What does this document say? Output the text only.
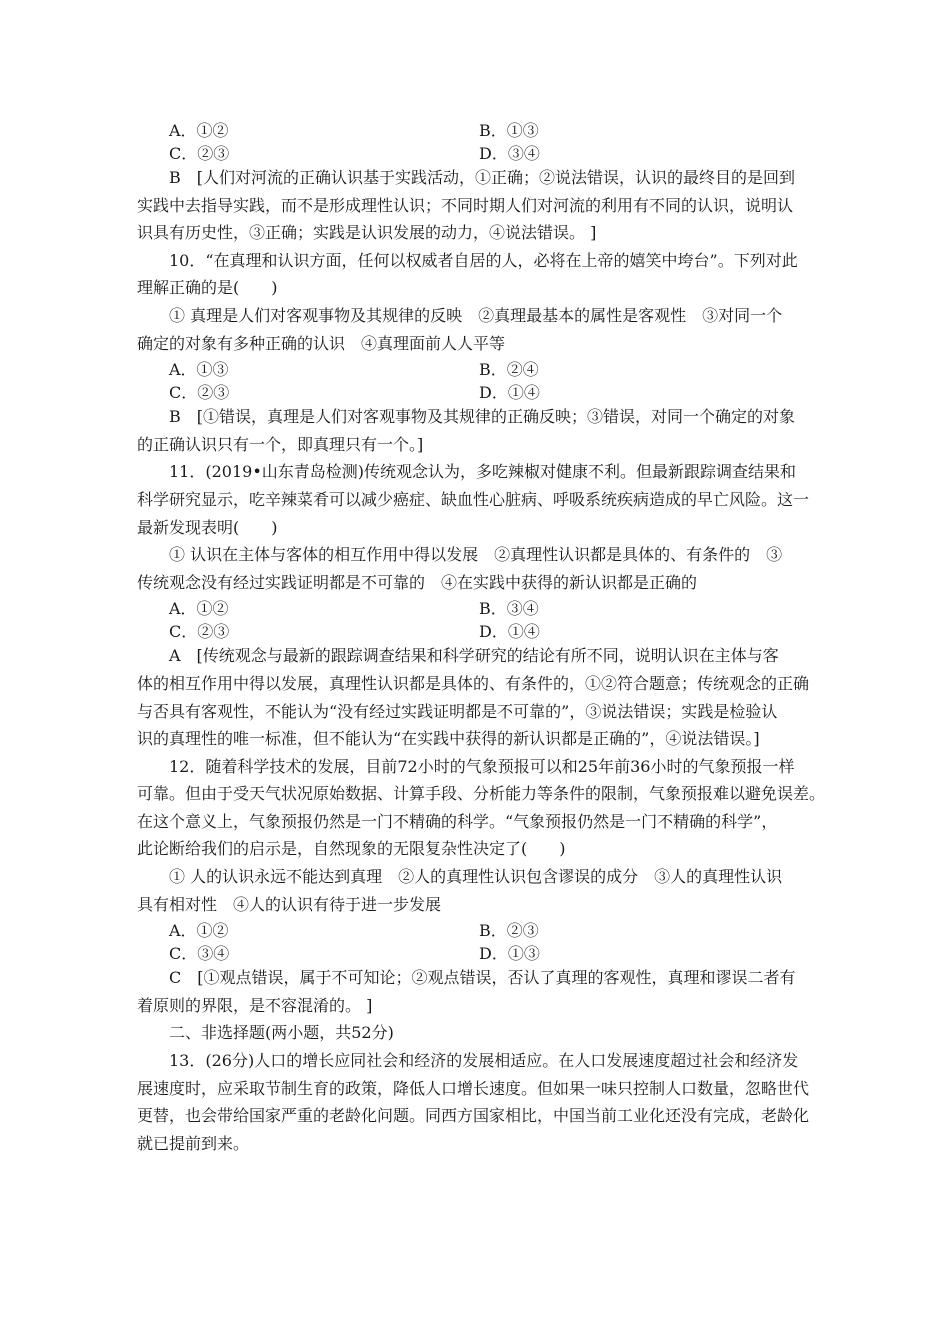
A．①②	B．①③
C．②③	D．③④
B　[人们对河流的正确认识基于实践活动，①正确；②说法错误，认识的最终目的是回到
实践中去指导实践，而不是形成理性认识；不同时期人们对河流的利用有不同的认识，说明认
识具有历史性，③正确；实践是认识发展的动力，④说法错误。 ]
10．“在真理和认识方面，任何以权威者自居的人，必将在上帝的嬉笑中垮台”。下列对此
理解正确的是(　　)
① 真理是人们对客观事物及其规律的反映　②真理最基本的属性是客观性　③对同一个
确定的对象有多种正确的认识　④真理面前人人平等
A．①③	B．②④
C．②③	D．①④
B　[①错误，真理是人们对客观事物及其规律的正确反映；③错误，对同一个确定的对象
的正确认识只有一个，即真理只有一个。]
11．(2019•山东青岛检测)传统观念认为，多吃辣椒对健康不利。但最新跟踪调查结果和
科学研究显示，吃辛辣菜肴可以减少癌症、缺血性心脏病、呼吸系统疾病造成的早亡风险。这一
最新发现表明(　　)
① 认识在主体与客体的相互作用中得以发展　②真理性认识都是具体的、有条件的　③
传统观念没有经过实践证明都是不可靠的　④在实践中获得的新认识都是正确的
A．①②	B．③④
C．②③	D．①④
A　[传统观念与最新的跟踪调查结果和科学研究的结论有所不同，说明认识在主体与客
体的相互作用中得以发展，真理性认识都是具体的、有条件的，①②符合题意；传统观念的正确
与否具有客观性，不能认为“没有经过实践证明都是不可靠的”，③说法错误；实践是检验认
识的真理性的唯一标准，但不能认为“在实践中获得的新认识都是正确的”，④说法错误。]
12．随着科学技术的发展，目前72小时的气象预报可以和25年前36小时的气象预报一样
可靠。但由于受天气状况原始数据、计算手段、分析能力等条件的限制，气象预报难以避免误差。
在这个意义上，气象预报仍然是一门不精确的科学。“气象预报仍然是一门不精确的科学”，
此论断给我们的启示是，自然现象的无限复杂性决定了(　　)
① 人的认识永远不能达到真理　②人的真理性认识包含谬误的成分　③人的真理性认识
具有相对性　④人的认识有待于进一步发展
A．①②	B．②③
C．③④	D．①③
C　[①观点错误，属于不可知论；②观点错误，否认了真理的客观性，真理和谬误二者有
着原则的界限，是不容混淆的。 ]
二、非选择题(两小题，共52分)
13．(26分)人口的增长应同社会和经济的发展相适应。在人口发展速度超过社会和经济发
展速度时，应采取节制生育的政策，降低人口增长速度。但如果一味只控制人口数量，忽略世代
更替，也会带给国家严重的老龄化问题。同西方国家相比，中国当前工业化还没有完成，老龄化
就已提前到来。
